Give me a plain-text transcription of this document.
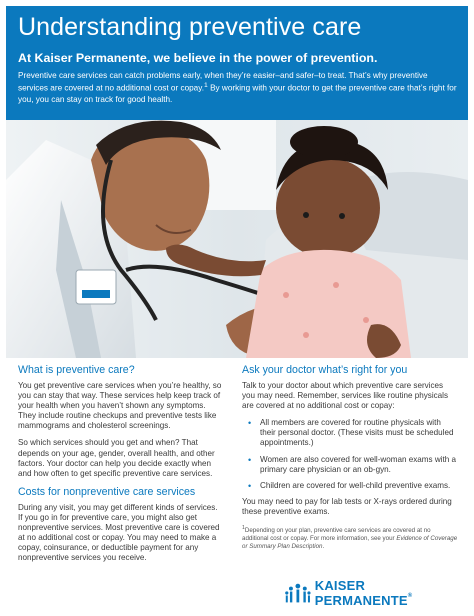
Understanding preventive care
At Kaiser Permanente, we believe in the power of prevention.

Preventive care services can catch problems early, when they’re easier–and safer–to treat. That’s why preventive services are covered at no additional cost or copay.$^1$ By working with your doctor to get the preventive care that’s right for you, you can stay on track for good health.

What is preventive care?

You get preventive care services when you’re healthy, so you can stay that way. These services help keep track of your health when you haven’t shown any symptoms. They include routine checkups and preventive tests like mammograms and cholesterol screenings.

So which services should you get and when? That depends on your age, gender, overall health, and other factors. Your doctor can help you decide exactly when and how often to get specific preventive care services.

Costs for nonpreventive care services

During any visit, you may get different kinds of services. If you go in for preventive care, you might also get nonpreventive services. Most preventive care is covered at no additional cost or copay. You may need to make a copay, coinsurance, or deductible payment for any nonpreventive services you receive.

Ask your doctor what’s right for you

Talk to your doctor about which preventive care services you may need. Remember, services like routine physicals are covered at no additional cost or copay:

• All members are covered for routine physicals with their personal doctor. (These visits must be scheduled appointments.)
• Women are also covered for well-woman exams with a primary care physician or an ob-gyn.
• Children are covered for well-child preventive exams.

You may need to pay for lab tests or X-rays ordered during these preventive exams.

$^1$Depending on your plan, preventive care services are covered at no additional cost or copay. For more information, see your Evidence of Coverage or Summary Plan Description.

KAISER PERMANENTE®
